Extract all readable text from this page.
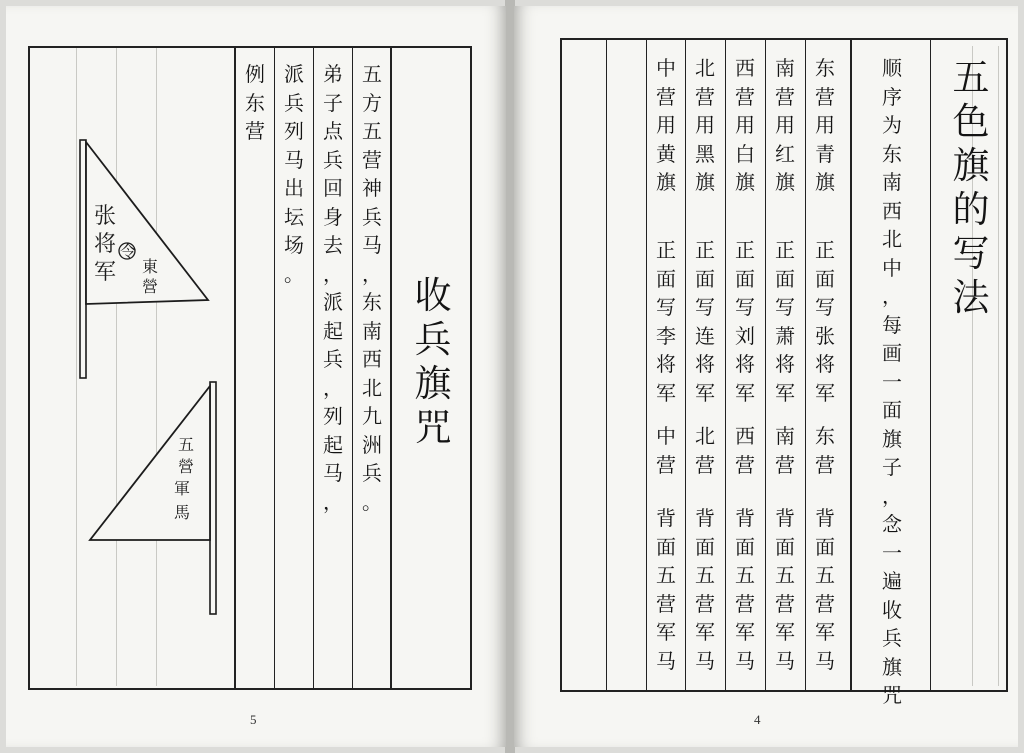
张
将
军
令
東
營
五
營
軍
馬
收
兵
旗
咒
五
方
五
营
神
兵
马
，
东
南
西
北
九
洲
兵
。
弟
子
点
兵
回
身
去
，
派
起
兵
，
列
起
马
，
派
兵
列
马
出
坛
场
。
例
东
营
5
五
色
旗
的
写
法
顺
序
为
东
南
西
北
中
，
每
画
一
面
旗
子
，
念
一
遍
收
兵
旗
咒
东
营
用
青
旗
正
面
写
张
将
军
东
营
背
面
五
营
军
马
南
营
用
红
旗
正
面
写
萧
将
军
南
营
背
面
五
营
军
马
西
营
用
白
旗
正
面
写
刘
将
军
西
营
背
面
五
营
军
马
北
营
用
黑
旗
正
面
写
连
将
军
北
营
背
面
五
营
军
马
中
营
用
黄
旗
正
面
写
李
将
军
中
营
背
面
五
营
军
马
4
